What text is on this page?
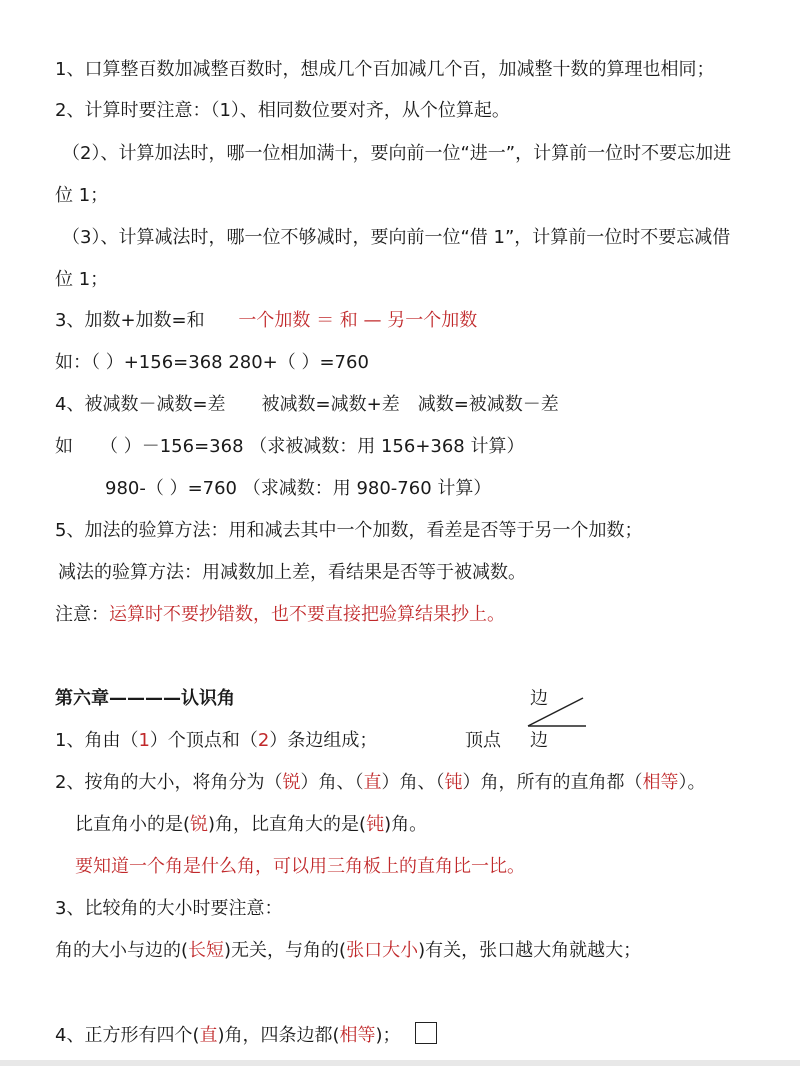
1、口算整百数加减整百数时，想成几个百加减几个百，加减整十数的算理也相同；
2、计算时要注意：（1）、相同数位要对齐，从个位算起。
（2）、计算加法时，哪一位相加满十，要向前一位“进一”，计算前一位时不要忘加进
位 1；
（3）、计算减法时，哪一位不够减时，要向前一位“借 1”，计算前一位时不要忘减借
位 1；
3、加数+加数=和 一个加数 ＝ 和 — 另一个加数
如：（ ）+156=368 280+（ ）=760
4、被减数－减数=差　　被减数=减数+差　减数=被减数－差
如　　（ ）－156=368 （求被减数：用 156+368 计算）
980-（ ）=760 （求减数：用 980-760 计算）
5、加法的验算方法：用和减去其中一个加数，看差是否等于另一个加数；
减法的验算方法：用减数加上差，看结果是否等于被减数。
注意：运算时不要抄错数，也不要直接把验算结果抄上。
第六章————认识角	边
顶点 边
1、角由（1）个顶点和（2）条边组成；
2、按角的大小，将角分为（锐）角、（直）角、（钝）角，所有的直角都（相等）。
比直角小的是(锐)角，比直角大的是(钝)角。
要知道一个角是什么角，可以用三角板上的直角比一比。
3、比较角的大小时要注意：
角的大小与边的(长短)无关，与角的(张口大小)有关，张口越大角就越大；
4、正方形有四个(直)角，四条边都(相等)；
